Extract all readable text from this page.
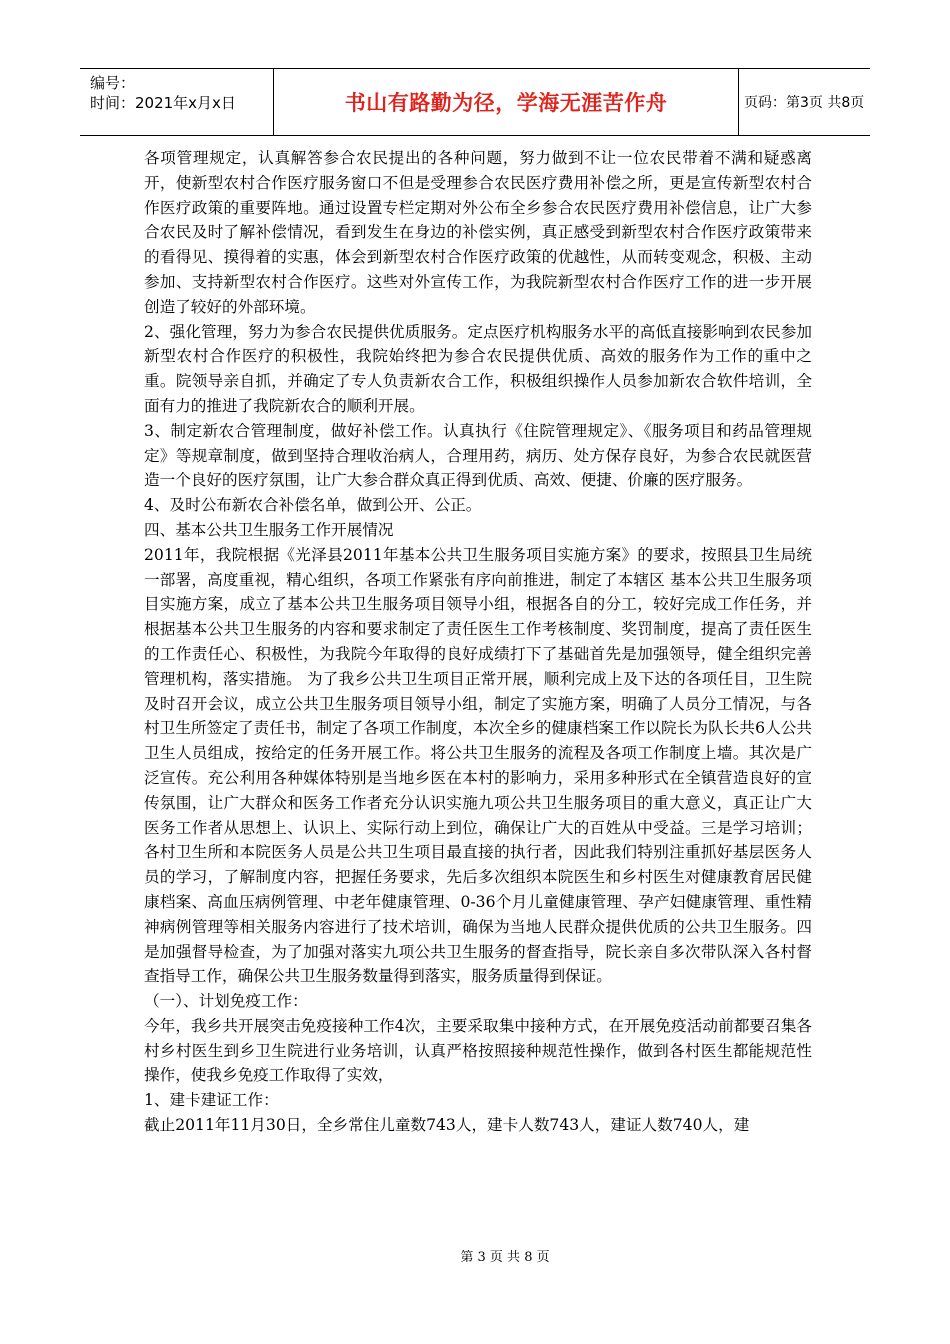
编号：
时间：2021年x月x日	书山有路勤为径，学海无涯苦作舟	页码：第3页 共8页

各项管理规定，认真解答参合农民提出的各种问题，努力做到不让一位农民带着不满和疑惑离开，使新型农村合作医疗服务窗口不但是受理参合农民医疗费用补偿之所，更是宣传新型农村合作医疗政策的重要阵地。通过设置专栏定期对外公布全乡参合农民医疗费用补偿信息，让广大参合农民及时了解补偿情况，看到发生在身边的补偿实例，真正感受到新型农村合作医疗政策带来的看得见、摸得着的实惠，体会到新型农村合作医疗政策的优越性，从而转变观念，积极、主动参加、支持新型农村合作医疗。这些对外宣传工作，为我院新型农村合作医疗工作的进一步开展创造了较好的外部环境。

2、强化管理，努力为参合农民提供优质服务。定点医疗机构服务水平的高低直接影响到农民参加新型农村合作医疗的积极性，我院始终把为参合农民提供优质、高效的服务作为工作的重中之重。院领导亲自抓，并确定了专人负责新农合工作，积极组织操作人员参加新农合软件培训，全面有力的推进了我院新农合的顺利开展。

3、制定新农合管理制度，做好补偿工作。认真执行《住院管理规定》、《服务项目和药品管理规定》等规章制度，做到坚持合理收治病人，合理用药，病历、处方保存良好，为参合农民就医营造一个良好的医疗氛围，让广大参合群众真正得到优质、高效、便捷、价廉的医疗服务。

4、及时公布新农合补偿名单，做到公开、公正。

四、基本公共卫生服务工作开展情况

2011年，我院根据《光泽县2011年基本公共卫生服务项目实施方案》的要求，按照县卫生局统一部署，高度重视，精心组织，各项工作紧张有序向前推进，制定了本辖区 基本公共卫生服务项目实施方案，成立了基本公共卫生服务项目领导小组，根据各自的分工，较好完成工作任务，并根据基本公共卫生服务的内容和要求制定了责任医生工作考核制度、奖罚制度，提高了责任医生的工作责任心、积极性，为我院今年取得的良好成绩打下了基础首先是加强领导，健全组织完善管理机构，落实措施。 为了我乡公共卫生项目正常开展，顺利完成上及下达的各项任目，卫生院及时召开会议，成立公共卫生服务项目领导小组，制定了实施方案，明确了人员分工情况，与各村卫生所签定了责任书，制定了各项工作制度，本次全乡的健康档案工作以院长为队长共6人公共卫生人员组成，按给定的任务开展工作。将公共卫生服务的流程及各项工作制度上墙。其次是广泛宣传。充公利用各种媒体特别是当地乡医在本村的影响力，采用多种形式在全镇营造良好的宣传氛围，让广大群众和医务工作者充分认识实施九项公共卫生服务项目的重大意义，真正让广大医务工作者从思想上、认识上、实际行动上到位，确保让广大的百姓从中受益。三是学习培训；各村卫生所和本院医务人员是公共卫生项目最直接的执行者，因此我们特别注重抓好基层医务人员的学习，了解制度内容，把握任务要求，先后多次组织本院医生和乡村医生对健康教育居民健康档案、高血压病例管理、中老年健康管理、0-36个月儿童健康管理、孕产妇健康管理、重性精神病例管理等相关服务内容进行了技术培训，确保为当地人民群众提供优质的公共卫生服务。四是加强督导检查，为了加强对落实九项公共卫生服务的督查指导，院长亲自多次带队深入各村督查指导工作，确保公共卫生服务数量得到落实，服务质量得到保证。

（一）、计划免疫工作：

今年，我乡共开展突击免疫接种工作4次，主要采取集中接种方式，在开展免疫活动前都要召集各村乡村医生到乡卫生院进行业务培训，认真严格按照接种规范性操作，做到各村医生都能规范性操作，使我乡免疫工作取得了实效，

1、建卡建证工作：

截止2011年11月30日，全乡常住儿童数743人，建卡人数743人，建证人数740人，建

第 3 页 共 8 页
